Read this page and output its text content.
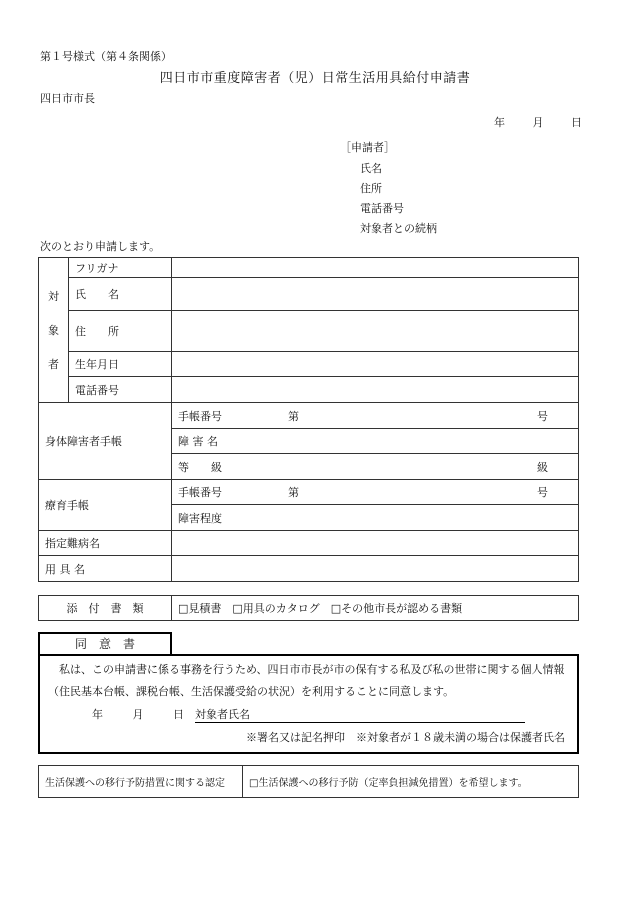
第１号様式（第４条関係）
四日市市重度障害者（児）日常生活用具給付申請書
四日市市長
年	月	日
［申請者］
氏名
住所
電話番号
対象者との続柄
次のとおり申請します。
対
象
者	フリガナ	
	氏　　名	
	住　　所	
	生年月日	
	電話番号	
身体障害者手帳		手帳番号 第 号

		障 害 名

		等　　級 級

療育手帳		手帳番号 第 号

		障害程度
指定難病名		
用 具 名		
添　付　書　類	□見積書　□用具のカタログ　□その他市長が認める書類
同　意　書
　私は、この申請書に係る事務を行うため、四日市市長が市の保有する私及び私の世帯に関する個人情報（住民基本台帳、課税台帳、生活保護受給の状況）を利用することに同意します。
年	月	日 対象者氏名
※署名又は記名押印　※対象者が１８歳未満の場合は保護者氏名
生活保護への移行予防措置に関する認定	□生活保護への移行予防（定率負担減免措置）を希望します。
